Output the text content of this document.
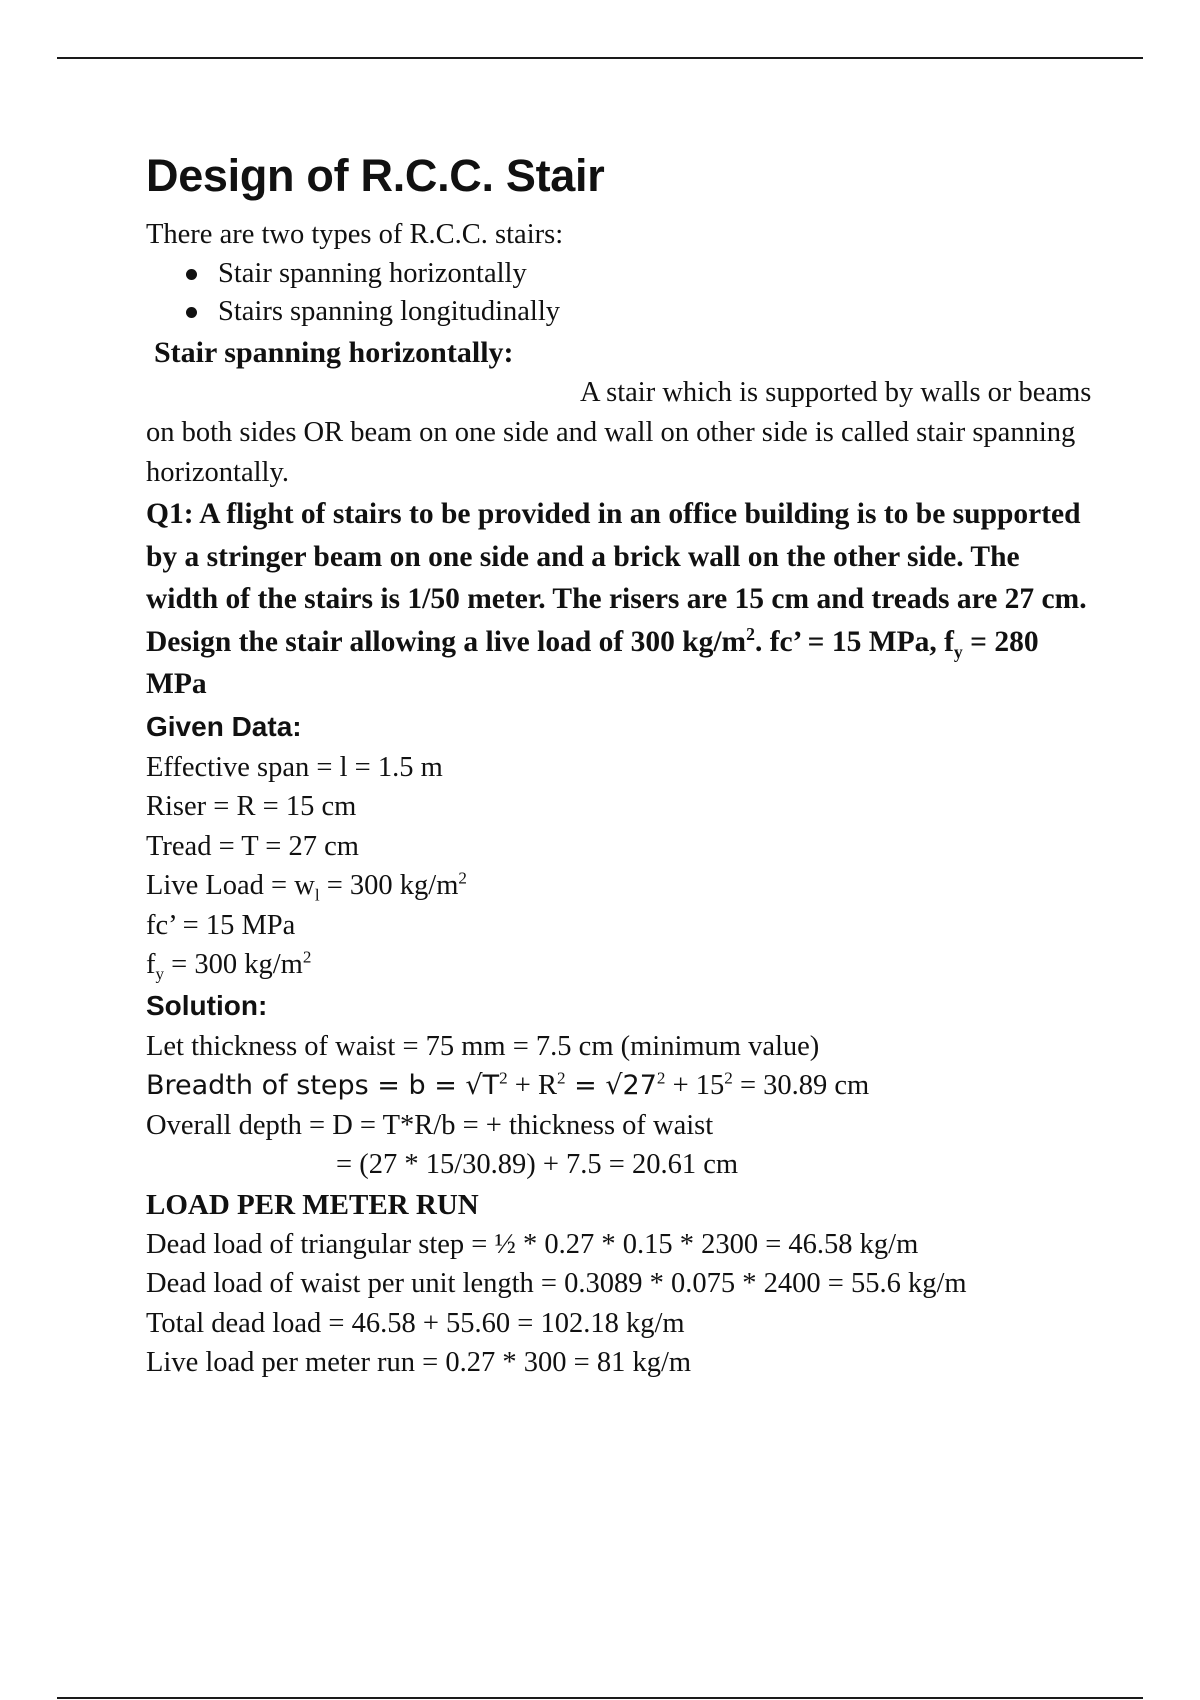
Design of R.C.C. Stair

There are two types of R.C.C. stairs:

Stair spanning horizontally
Stairs spanning longitudinally

Stair spanning horizontally:

A stair which is supported by walls or beams on both sides OR beam on one side and wall on other side is called stair spanning horizontally.

Q1: A flight of stairs to be provided in an office building is to be supported by a stringer beam on one side and a brick wall on the other side. The width of the stairs is 1/50 meter. The risers are 15 cm and treads are 27 cm. Design the stair allowing a live load of 300 $kg/m^2$. fc’ = 15 MPa, $f_y = 280$ MPa

Given Data:

Effective span = l = 1.5 m

Riser = R = 15 cm

Tread = T = 27 cm

Live Load = $w_l = 300$ $kg/m^2$

fc’ = 15 MPa

$f_y = 300$ $kg/m^2$

Solution:

Let thickness of waist = 75 mm = 7.5 cm (minimum value)

Breadth of steps = $b = √T^2 + R^2 = √27^2 + 15^2 = 30.89$ cm

Overall depth = D = T*R/b = + thickness of waist

= (27 * 15/30.89) + 7.5 = 20.61 cm

LOAD PER METER RUN

Dead load of triangular step = ½ * 0.27 * 0.15 * 2300 = 46.58 kg/m

Dead load of waist per unit length = 0.3089 * 0.075 * 2400 = 55.6 kg/m

Total dead load = 46.58 + 55.60 = 102.18 kg/m

Live load per meter run = 0.27 * 300 = 81 kg/m
